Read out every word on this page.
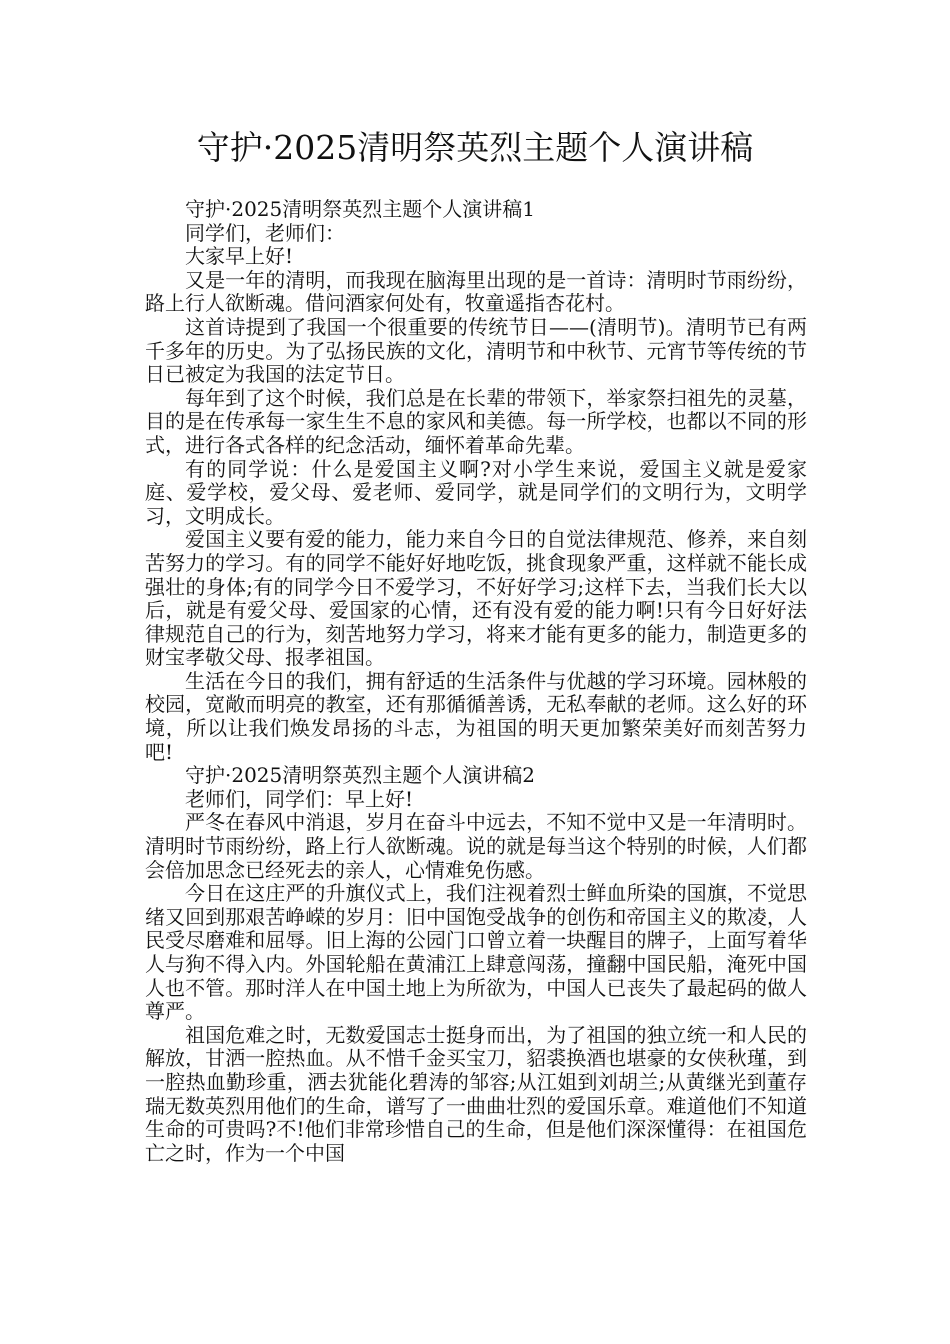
守护·2025清明祭英烈主题个人演讲稿

守护·2025清明祭英烈主题个人演讲稿1

同学们，老师们：

大家早上好!

又是一年的清明，而我现在脑海里出现的是一首诗：清明时节雨纷纷，路上行人欲断魂。借问酒家何处有，牧童遥指杏花村。

这首诗提到了我国一个很重要的传统节日——(清明节)。清明节已有两千多年的历史。为了弘扬民族的文化，清明节和中秋节、元宵节等传统的节日已被定为我国的法定节日。

每年到了这个时候，我们总是在长辈的带领下，举家祭扫祖先的灵墓，目的是在传承每一家生生不息的家风和美德。每一所学校，也都以不同的形式，进行各式各样的纪念活动，缅怀着革命先辈。

有的同学说：什么是爱国主义啊?对小学生来说，爱国主义就是爱家庭、爱学校，爱父母、爱老师、爱同学，就是同学们的文明行为，文明学习，文明成长。

爱国主义要有爱的能力，能力来自今日的自觉法律规范、修养，来自刻苦努力的学习。有的同学不能好好地吃饭，挑食现象严重，这样就不能长成强壮的身体;有的同学今日不爱学习，不好好学习;这样下去，当我们长大以后，就是有爱父母、爱国家的心情，还有没有爱的能力啊!只有今日好好法律规范自己的行为，刻苦地努力学习，将来才能有更多的能力，制造更多的财宝孝敬父母、报孝祖国。

生活在今日的我们，拥有舒适的生活条件与优越的学习环境。园林般的校园，宽敞而明亮的教室，还有那循循善诱，无私奉献的老师。这么好的环境，所以让我们焕发昂扬的斗志，为祖国的明天更加繁荣美好而刻苦努力吧!

守护·2025清明祭英烈主题个人演讲稿2

老师们，同学们：早上好!

严冬在春风中消退，岁月在奋斗中远去，不知不觉中又是一年清明时。清明时节雨纷纷，路上行人欲断魂。说的就是每当这个特别的时候，人们都会倍加思念已经死去的亲人，心情难免伤感。

今日在这庄严的升旗仪式上，我们注视着烈士鲜血所染的国旗，不觉思绪又回到那艰苦峥嵘的岁月：旧中国饱受战争的创伤和帝国主义的欺凌，人民受尽磨难和屈辱。旧上海的公园门口曾立着一块醒目的牌子，上面写着华人与狗不得入内。外国轮船在黄浦江上肆意闯荡，撞翻中国民船，淹死中国人也不管。那时洋人在中国土地上为所欲为，中国人已丧失了最起码的做人尊严。

祖国危难之时，无数爱国志士挺身而出，为了祖国的独立统一和人民的解放，甘洒一腔热血。从不惜千金买宝刀，貂裘换酒也堪豪的女侠秋瑾，到一腔热血勤珍重，洒去犹能化碧涛的邹容;从江姐到刘胡兰;从黄继光到董存瑞无数英烈用他们的生命，谱写了一曲曲壮烈的爱国乐章。难道他们不知道生命的可贵吗?不!他们非常珍惜自己的生命，但是他们深深懂得：在祖国危亡之时，作为一个中国
